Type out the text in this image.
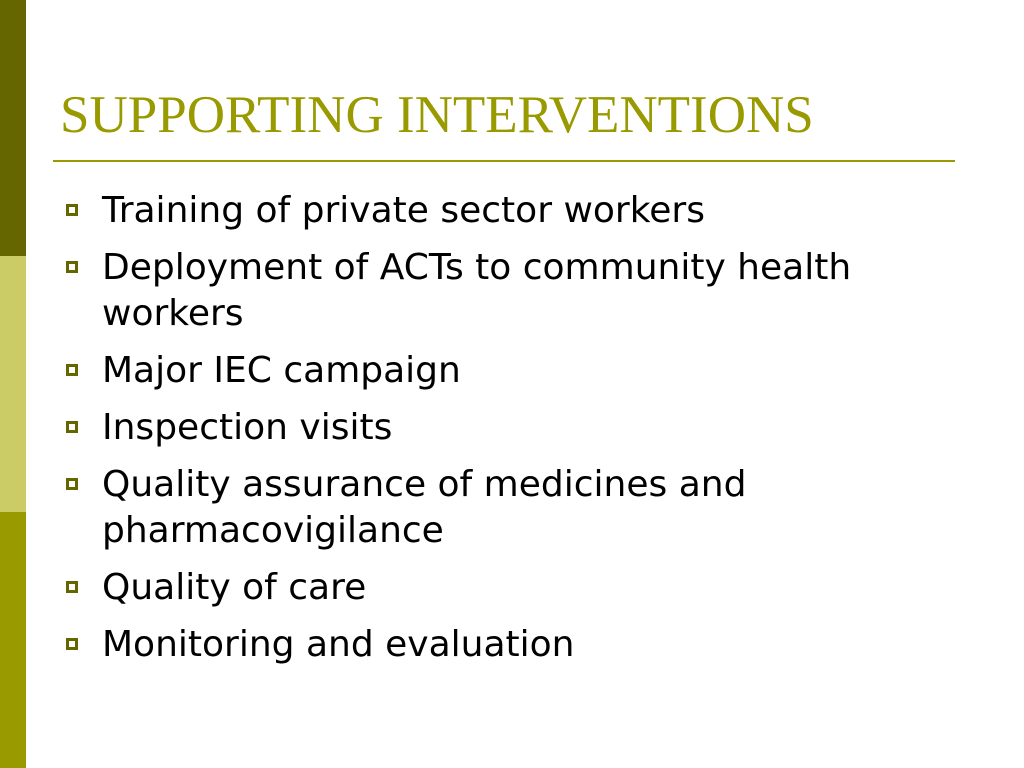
SUPPORTING INTERVENTIONS
Training of private sector workers
Deployment of ACTs to community health workers
Major IEC campaign
Inspection visits
Quality assurance of medicines and pharmacovigilance
Quality of care
Monitoring and evaluation
